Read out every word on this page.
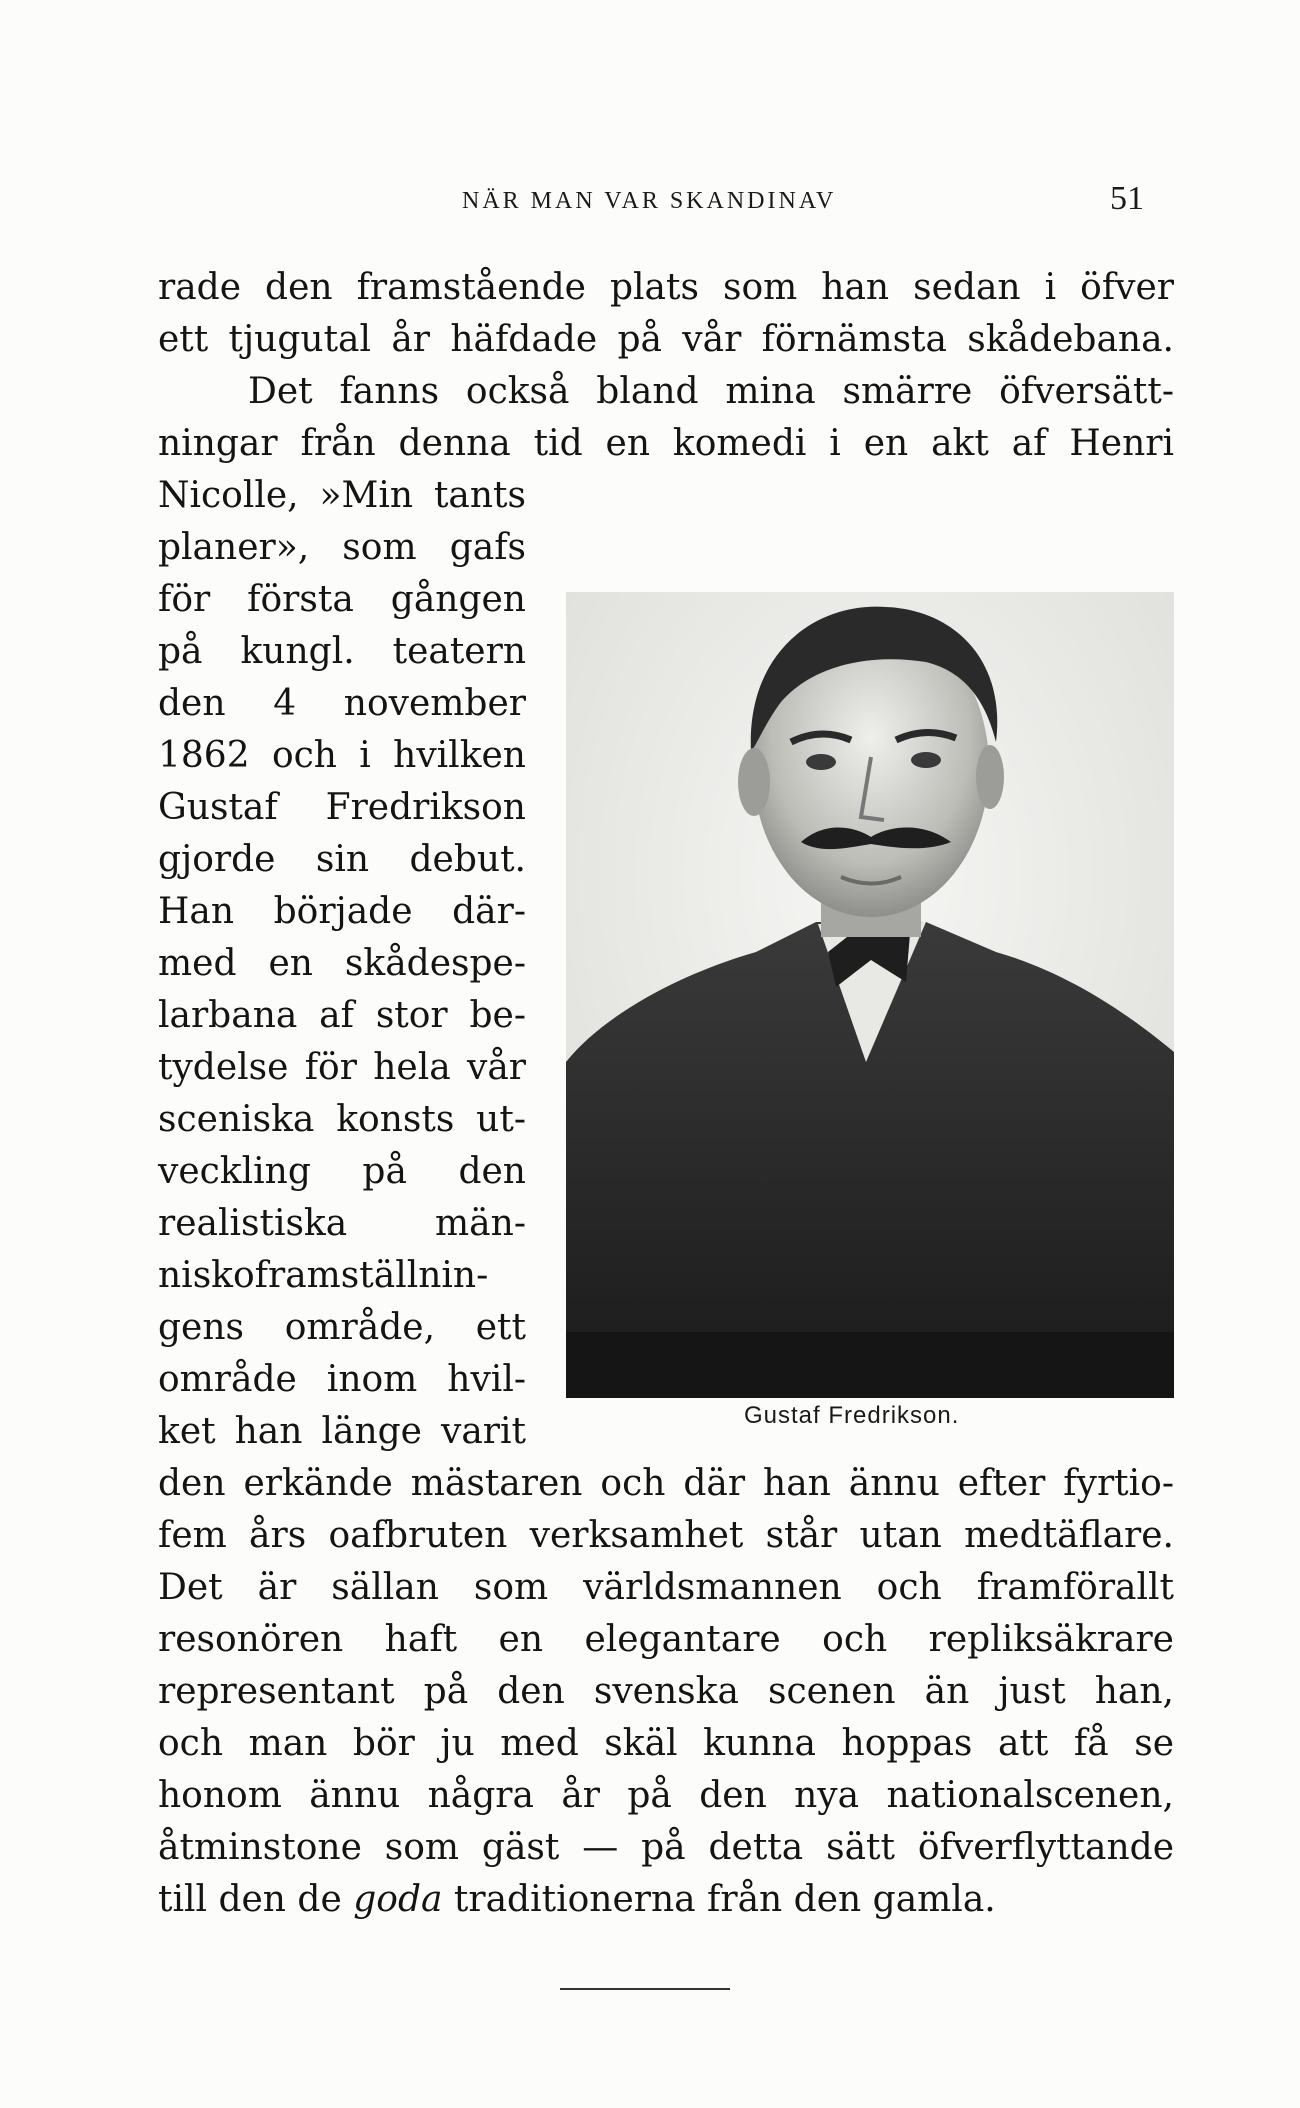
NÄR MAN VAR SKANDINAV	51
rade den framstående plats som han sedan i öfver
ett tjugutal år häfdade på vår förnämsta skådebana.
Det fanns också bland mina smärre öfversätt-
ningar från denna tid en komedi i en akt af Henri
Nicolle, »Min tants
planer», som gafs
för första gången
på kungl. teatern
den 4 november
1862 och i hvilken
Gustaf Fredrikson
gjorde sin debut.
Han började där-
med en skådespe-
larbana af stor be-
tydelse för hela vår
sceniska konsts ut-
veckling på den
realistiska män-
niskoframställnin-
gens område, ett
område inom hvil-
ket han länge varit
den erkände mästaren och där han ännu efter fyrtio-
fem års oafbruten verksamhet står utan medtäflare.
Det är sällan som världsmannen och framförallt
resonören haft en elegantare och repliksäkrare
representant på den svenska scenen än just han,
och man bör ju med skäl kunna hoppas att få se
honom ännu några år på den nya nationalscenen,
åtminstone som gäst — på detta sätt öfverflyttande
till den de goda traditionerna från den gamla.
Gustaf Fredrikson.
